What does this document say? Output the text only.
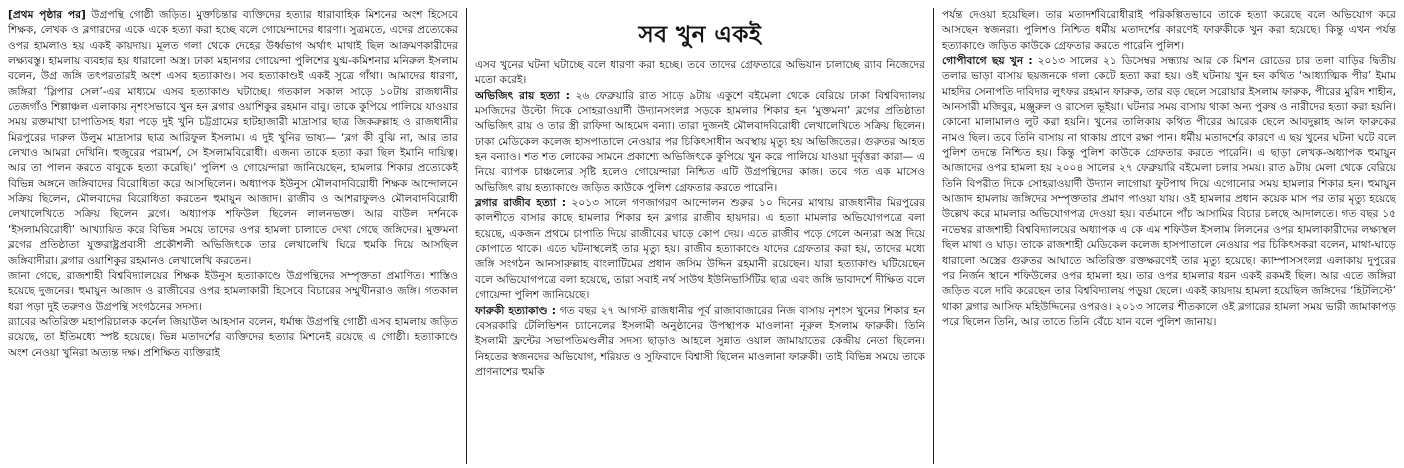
[প্রথম পৃষ্ঠার পর] উগ্রপন্থি গোষ্ঠী জড়িত। মুক্তচিন্তার ব্যক্তিদের হত্যার ধারাবাহিক মিশনের অংশ হিসেবে শিক্ষক, লেখক ও ব্লগারদের একে একে হত্যা করা হচ্ছে বলে গোয়েন্দাদের ধারণা। সুত্রমতে, এদের প্রত্যেকের ওপর হামলাও হয় একই কায়দায়। মূলত গলা থেকে দেহের উর্ধ্বভাগ অর্থাৎ মাথাই ছিল আক্রমণকারীদের লক্ষ্যবস্তু। হামলায় ব্যবহার হয় ধারালো অস্ত্র। ঢাকা মহানগর গোয়েন্দা পুলিশের যুগ্ম-কমিশনার মনিরুল ইসলাম বলেন, উগ্র জঙ্গি তৎপরতারই অংশ এসব হত্যাকাণ্ড। সব হত্যাকাণ্ডই একই সুত্রে গাঁথা। আমাদের ধারণা, জঙ্গিরা ‘স্লিপার সেল’-এর মাধ্যমে এসব হত্যাকাণ্ড ঘটাচ্ছে। গতকাল সকাল সাড়ে ১০টায় রাজধানীর তেজগাঁও শিল্পাঞ্চল এলাকায় নৃশংসভাবে খুন হন ব্লগার ওয়াশিকুর রহমান বাবু। তাকে কুপিয়ে পালিয়ে যাওয়ার সময় রক্তমাখা চাপাতিসহ ধরা পড়ে দুই খুনি চট্টগ্রামের হাটহাজারী মাদ্রাসার ছাত্র জিকরুল্লাহ ও রাজধানীর মিরপুরের দারুল উলুম মাদ্রাসার ছাত্র আরিফুল ইসলাম। এ দুই খুনির ভাষ্য— ‘ব্লগ কী বুঝি না, আর তার লেখাও আমরা দেখিনি। হুজুরের পরামর্শ, সে ইসলামবিরোধী। এজন্য তাকে হত্যা করা ছিল ইমানি দায়িত্ব। আর তা পালন করতে বাবুকে হত্যা করেছি।’ পুলিশ ও গোয়েন্দারা জানিয়েছেন, হামলার শিকার প্রত্যেকেই বিভিন্ন অঙ্গনে জঙ্গিবাদের বিরোধিতা করে আসছিলেন। অধ্যাপক ইউনুস মৌলবাদবিরোধী শিক্ষক আন্দোলনে সক্রিয় ছিলেন, মৌলবাদের বিরোধিতা করতেন হুমায়ুন আজাদ। রাজীব ও আশরাফুলও মৌলবাদবিরোধী লেখালেখিতে সক্রিয় ছিলেন ব্লগে। অধ্যাপক শফিউল ছিলেন লালনভক্ত। আর বাউল দর্শনকে ‘ইসলামবিরোধী’ আখ্যায়িত করে বিভিন্ন সময়ে তাদের ওপর হামলা চালাতে দেখা গেছে জঙ্গিদের। মুক্তমনা ব্লগের প্রতিষ্ঠাতা যুক্তরাষ্ট্রপ্রবাসী প্রকৌশলী অভিজিৎকে তার লেখালেখি ঘিরে হুমকি দিয়ে আসছিল জঙ্গিবাদীরা। ব্লগার ওয়াশিকুর রহমানও লেখালেখি করতেন।

জানা গেছে, রাজশাহী বিশ্ববিদ্যালয়ের শিক্ষক ইউনুস হত্যাকাণ্ডে উগ্রপন্থিদের সম্পৃক্ততা প্রমাণিত। শাস্তিও হয়েছে দুজনের। হুমায়ুন আজাদ ও রাজীবের ওপর হামলাকারী হিসেবে বিচারের সম্মুখীনরাও জঙ্গি। গতকাল ধরা পড়া দুই তরুণও উগ্রপন্থি সংগঠনের সদস্য।

র‌্যাবের অতিরিক্ত মহাপরিচালক কর্নেল জিয়াউল আহসান বলেন, ধর্মান্ধ উগ্রপন্থি গোষ্ঠী এসব হামলায় জড়িত রয়েছে, তা ইতিমধ্যে স্পষ্ট হয়েছে। ভিন্ন মতাদর্শের ব্যক্তিদের হত্যার মিশনেই রয়েছে এ গোষ্ঠী। হত্যাকাণ্ডে অংশ নেওয়া খুনিরা অত্যন্ত দক্ষ। প্রশিক্ষিত ব্যক্তিরাই

সব খুন একই

এসব খুনের ঘটনা ঘটাচ্ছে বলে ধারণা করা হচ্ছে। তবে তাদের গ্রেফতারে অভিযান চালাচ্ছে র‌্যাব নিজেদের মতো করেই।

অভিজিৎ রায় হত্যা : ২৬ ফেব্রুয়ারি রাত সাড়ে ৯টায় একুশে বইমেলা থেকে বেরিয়ে ঢাকা বিশ্ববিদ্যালয় মসজিদের উল্টো দিকে সোহরাওয়ার্দী উদ্যানসংলগ্ন সড়কে হামলার শিকার হন ‘মুক্তমনা’ ব্লগের প্রতিষ্ঠাতা অভিজিৎ রায় ও তার স্ত্রী রাফিদা আহমেদ বন্যা। তারা দুজনই মৌলবাদবিরোধী লেখালেখিতে সক্রিয় ছিলেন। ঢাকা মেডিকেল কলেজ হাসপাতালে নেওয়ার পর চিকিৎসাধীন অবস্থায় মৃত্যু হয় অভিজিতের। গুরুতর আহত হন বন্যাও। শত শত লোকের সামনে প্রকাশ্যে অভিজিৎকে কুপিয়ে খুন করে পালিয়ে যাওয়া দুর্বৃত্তরা কারা— এ নিয়ে ব্যাপক চাঞ্চল্যের সৃষ্টি হলেও গোয়েন্দারা নিশ্চিত এটি উগ্রপন্থিদের কাজ। তবে গত এক মাসেও অভিজিৎ রায় হত্যাকাণ্ডে জড়িত কাউকে পুলিশ গ্রেফতার করতে পারেনি।

ব্লগার রাজীব হত্যা : ২০১৩ সালে গণজাগরণ আন্দোলন শুরুর ১০ দিনের মাথায় রাজধানীর মিরপুরের কালশীতে বাসার কাছে হামলার শিকার হন ব্লগার রাজীব হায়দার। এ হত্যা মামলার অভিযোগপত্রে বলা হয়েছে, একজন প্রথমে চাপাতি দিয়ে রাজীবের ঘাড়ে কোপ দেয়। এতে রাজীব পড়ে গেলে অন্যরা অস্ত্র দিয়ে কোপাতে থাকে। এতে ঘটনাস্থলেই তার মৃত্যু হয়। রাজীব হত্যাকাণ্ডে যাদের গ্রেফতার করা হয়, তাদের মধ্যে জঙ্গি সংগঠন আনসারুল্লাহ বাংলাটিমের প্রধান জসিম উদ্দিন রহমানী রয়েছেন। যারা হত্যাকাণ্ড ঘটিয়েছেন বলে অভিযোগপত্রে বলা হয়েছে, তারা সবাই নর্থ সাউথ ইউনিভার্সিটির ছাত্র এবং জঙ্গি ভাবাদর্শে দীক্ষিত বলে গোয়েন্দা পুলিশ জানিয়েছে।

ফারুকী হত্যাকাণ্ড : গত বছর ২৭ আগস্ট রাজধানীর পূর্ব রাজাবাজারের নিজ বাসায় নৃশংস খুনের শিকার হন বেসরকারি টেলিভিশন চ্যানেলের ইসলামী অনুষ্ঠানের উপস্থাপক মাওলানা নূরুল ইসলাম ফারুকী। তিনি ইসলামী ফ্রন্টের সভাপতিমণ্ডলীর সদস্য ছাড়াও আহলে সুন্নাত ওয়াল জামায়াতের কেন্দ্রীয় নেতা ছিলেন। নিহতের স্বজনদের অভিযোগ, শরিয়ত ও সুফিবাদে বিশ্বাসী ছিলেন মাওলানা ফারুকী। তাই বিভিন্ন সময়ে তাকে প্রাণনাশের হুমকি

পর্যন্ত দেওয়া হয়েছিল। তার মতাদর্শবিরোধীরাই পরিকল্পিতভাবে তাকে হত্যা করেছে বলে অভিযোগ করে আসছেন স্বজনরা। পুলিশও নিশ্চিত ধর্মীয় মতাদর্শের কারণেই ফারুকীকে খুন করা হয়েছে। কিন্তু এখন পর্যন্ত হত্যাকাণ্ডে জড়িত কাউকে গ্রেফতার করতে পারেনি পুলিশ।

গোপীবাগে ছয় খুন : ২০১৩ সালের ২১ ডিসেম্বর সন্ধ্যায় আর কে মিশন রোডের চার তলা বাড়ির দ্বিতীয় তলার ভাড়া বাসায় ছয়জনকে গলা কেটে হত্যা করা হয়। ওই ঘটনায় খুন হন কথিত ‘আধ্যাত্মিক পীর’ ইমাম মাহদির সেনাপতি দাবিদার লুৎফর রহমান ফারুক, তার বড় ছেলে সরোয়ার ইসলাম ফারুক, পীরের মুরিদ শাহীন, আনসারী মজিবুর, মঞ্জুরুল ও রাসেল ভূইয়া। ঘটনার সময় বাসায় থাকা অন্য পুরুষ ও নারীদের হত্যা করা হয়নি। কোনো মালামালও লুট করা হয়নি। খুনের তালিকায় কথিত পীরের আরেক ছেলে আবদুল্লাহ আল ফারুকের নামও ছিল। তবে তিনি বাসায় না থাকায় প্রাণে রক্ষা পান। ধর্মীয় মতাদর্শের কারণে এ ছয় খুনের ঘটনা ঘটে বলে পুলিশ তদন্তে নিশ্চিত হয়। কিন্তু পুলিশ কাউকে গ্রেফতার করতে পারেনি। এ ছাড়া লেখক-অধ্যাপক হুমায়ুন আজাদের ওপর হামলা হয় ২০০৪ সালের ২৭ ফেব্রুয়ারি বইমেলা চলার সময়। রাত ৯টায় মেলা থেকে বেরিয়ে তিনি বিপরীত দিকে সোহরাওয়ার্দী উদ্যান লাগোয়া ফুটপাথ দিয়ে এগোনোর সময় হামলার শিকার হন। হুমায়ুন আজাদ হামলায় জঙ্গিদের সম্পৃক্ততার প্রমাণ পাওয়া যায়। ওই হামলার প্রধান কয়েক মাস পর তার মৃত্যু হয়েছে উল্লেখ করে মামলার অভিযোগপত্র দেওয়া হয়। বর্তমানে পাঁচ আসামির বিচার চলছে আদালতে। গত বছর ১৫ নভেম্বর রাজশাহী বিশ্ববিদ্যালয়ের অধ্যাপক এ কে এম শফিউল ইসলাম লিলনের ওপর হামলাকারীদের লক্ষ্যস্থল ছিল মাথা ও ঘাড়। তাকে রাজশাহী মেডিকেল কলেজ হাসপাতালে নেওয়ার পর চিকিৎসকরা বলেন, মাথা-ঘাড়ে ধারালো অস্ত্রের গুরুতর আঘাতে অতিরিক্ত রক্তক্ষরণেই তার মৃত্যু হয়েছে। ক্যাম্পাসসংলগ্ন এলাকায় দুপুরের পর নির্জন স্থানে শফিউলের ওপর হামলা হয়। তার ওপর হামলার ধরন একই রকমই ছিল। আর এতে জঙ্গিরা জড়িত বলে দাবি করেছেন তার বিশ্ববিদ্যালয় পড়ুয়া ছেলে। একই কায়দায় হামলা হয়েছিল জঙ্গিদের ‘হিটলিস্টে’ থাকা ব্লগার আসিফ মহিউদ্দিনের ওপরও। ২০১৩ সালের শীতকালে ওই ব্লগারের হামলা সময় ভারী জামাকাপড় পরে ছিলেন তিনি, আর তাতে তিনি বেঁচে যান বলে পুলিশ জানায়।
